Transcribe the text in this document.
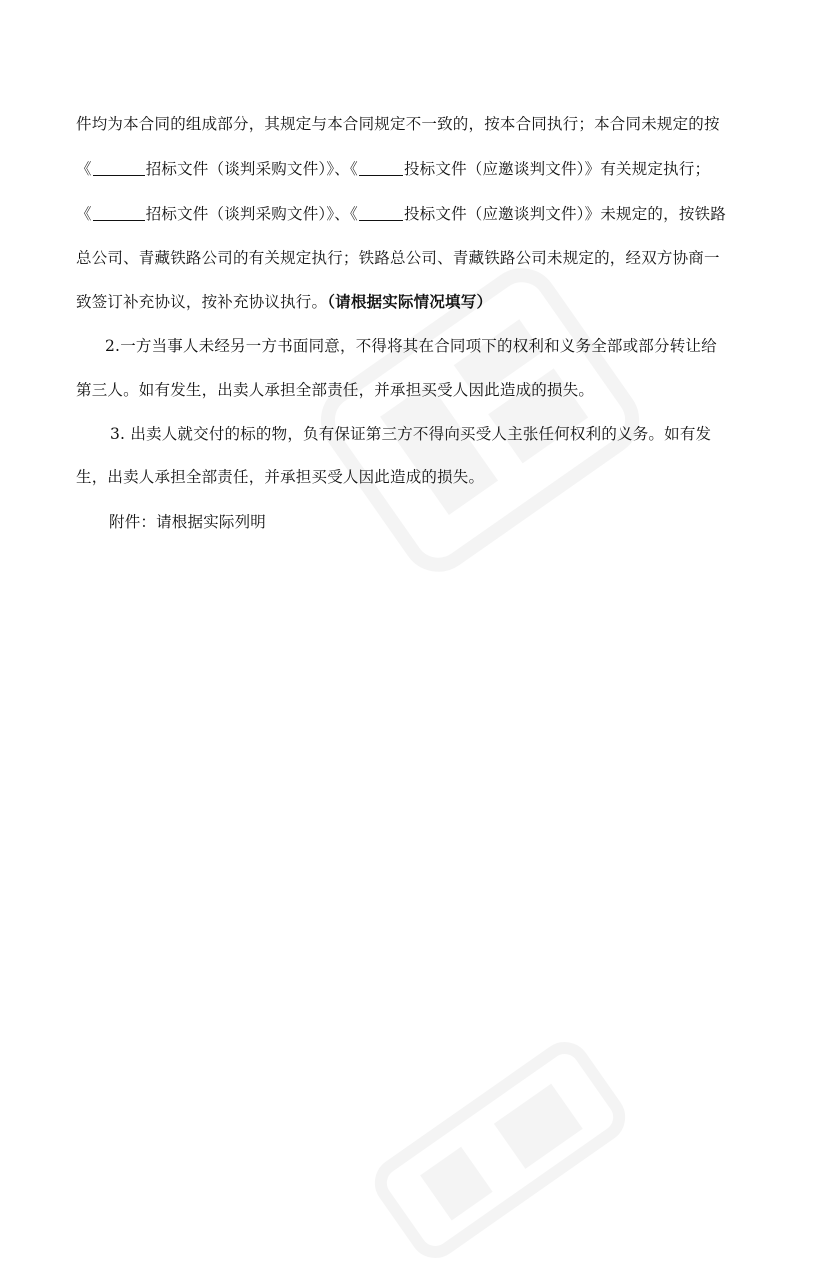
件均为本合同的组成部分，其规定与本合同规定不一致的，按本合同执行；本合同未规定的按
《	招标文件（谈判采购文件）》、《	投标文件（应邀谈判文件）》有关规定执行；
《	招标文件（谈判采购文件）》、《	投标文件（应邀谈判文件）》未规定的，按铁路
总公司、青藏铁路公司的有关规定执行；铁路总公司、青藏铁路公司未规定的，经双方协商一
致签订补充协议，按补充协议执行。（请根据实际情况填写）
2.一方当事人未经另一方书面同意，不得将其在合同项下的权利和义务全部或部分转让给
第三人。如有发生，出卖人承担全部责任，并承担买受人因此造成的损失。
3. 出卖人就交付的标的物，负有保证第三方不得向买受人主张任何权利的义务。如有发
生，出卖人承担全部责任，并承担买受人因此造成的损失。
附件：请根据实际列明
